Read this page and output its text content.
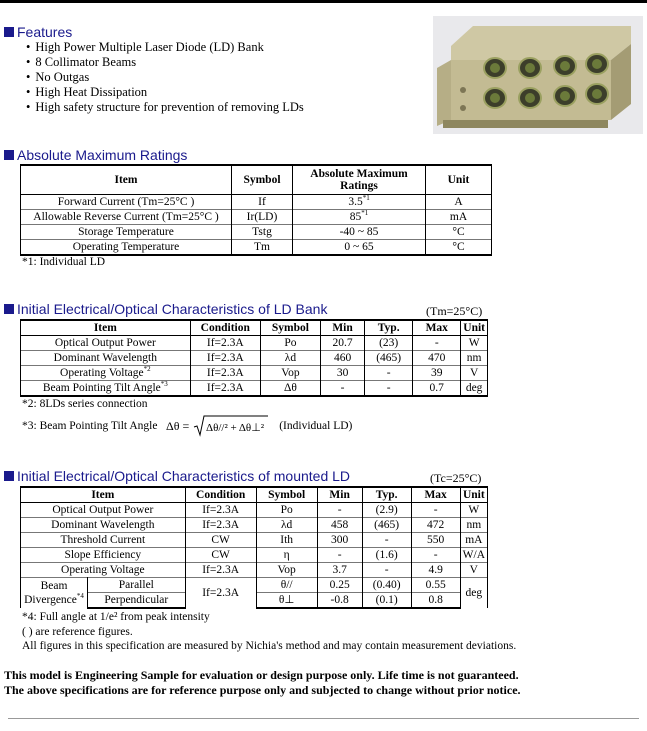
Features
• High Power Multiple Laser Diode (LD) Bank
• 8 Collimator Beams
• No Outgas
• High Heat Dissipation
• High safety structure for prevention of removing LDs
Absolute Maximum Ratings
Item	Symbol	Absolute Maximum Ratings	Unit
Forward Current (Tm=25°C )	If	3.5$^{*1}$	A
Allowable Reverse Current (Tm=25°C )	Ir(LD)	85$^{*1}$	mA
Storage Temperature	Tstg	-40 ~ 85	°C
Operating Temperature	Tm	0 ~ 65	°C
*1: Individual LD
Initial Electrical/Optical Characteristics of LD Bank	(Tm=25°C)
Item	Condition	Symbol	Min	Typ.	Max	Unit
Optical Output Power	If=2.3A	Po	20.7	(23)	-	W
Dominant Wavelength	If=2.3A	λd	460	(465)	470	nm
Operating Voltage$^{*2}$	If=2.3A	Vop	30	-	39	V
Beam Pointing Tilt Angle$^{*3}$	If=2.3A	Δθ	-	-	0.7	deg
*2: 8LDs series connection
*3: Beam Pointing Tilt Angle Δθ = Δθ//² + Δθ⊥² (Individual LD)
Initial Electrical/Optical Characteristics of mounted LD	(Tc=25°C)
Item		Condition	Symbol	Min	Typ.	Max	Unit
Optical Output Power		If=2.3A	Po	-	(2.9)	-	W
Dominant Wavelength		If=2.3A	λd	458	(465)	472	nm
Threshold Current		CW	Ith	300	-	550	mA
Slope Efficiency		CW	η	-	(1.6)	-	W/A
Operating Voltage		If=2.3A	Vop	3.7	-	4.9	V
Beam Divergence$^{*4}$	Parallel	If=2.3A	θ//	0.25	(0.40)	0.55	deg
	Perpendicular		θ⊥	-0.8	(0.1)	0.8	
*4: Full angle at 1/e² from peak intensity
( ) are reference figures.
All figures in this specification are measured by Nichia's method and may contain measurement deviations.
This model is Engineering Sample for evaluation or design purpose only. Life time is not guaranteed.
The above specifications are for reference purpose only and subjected to change without prior notice.
